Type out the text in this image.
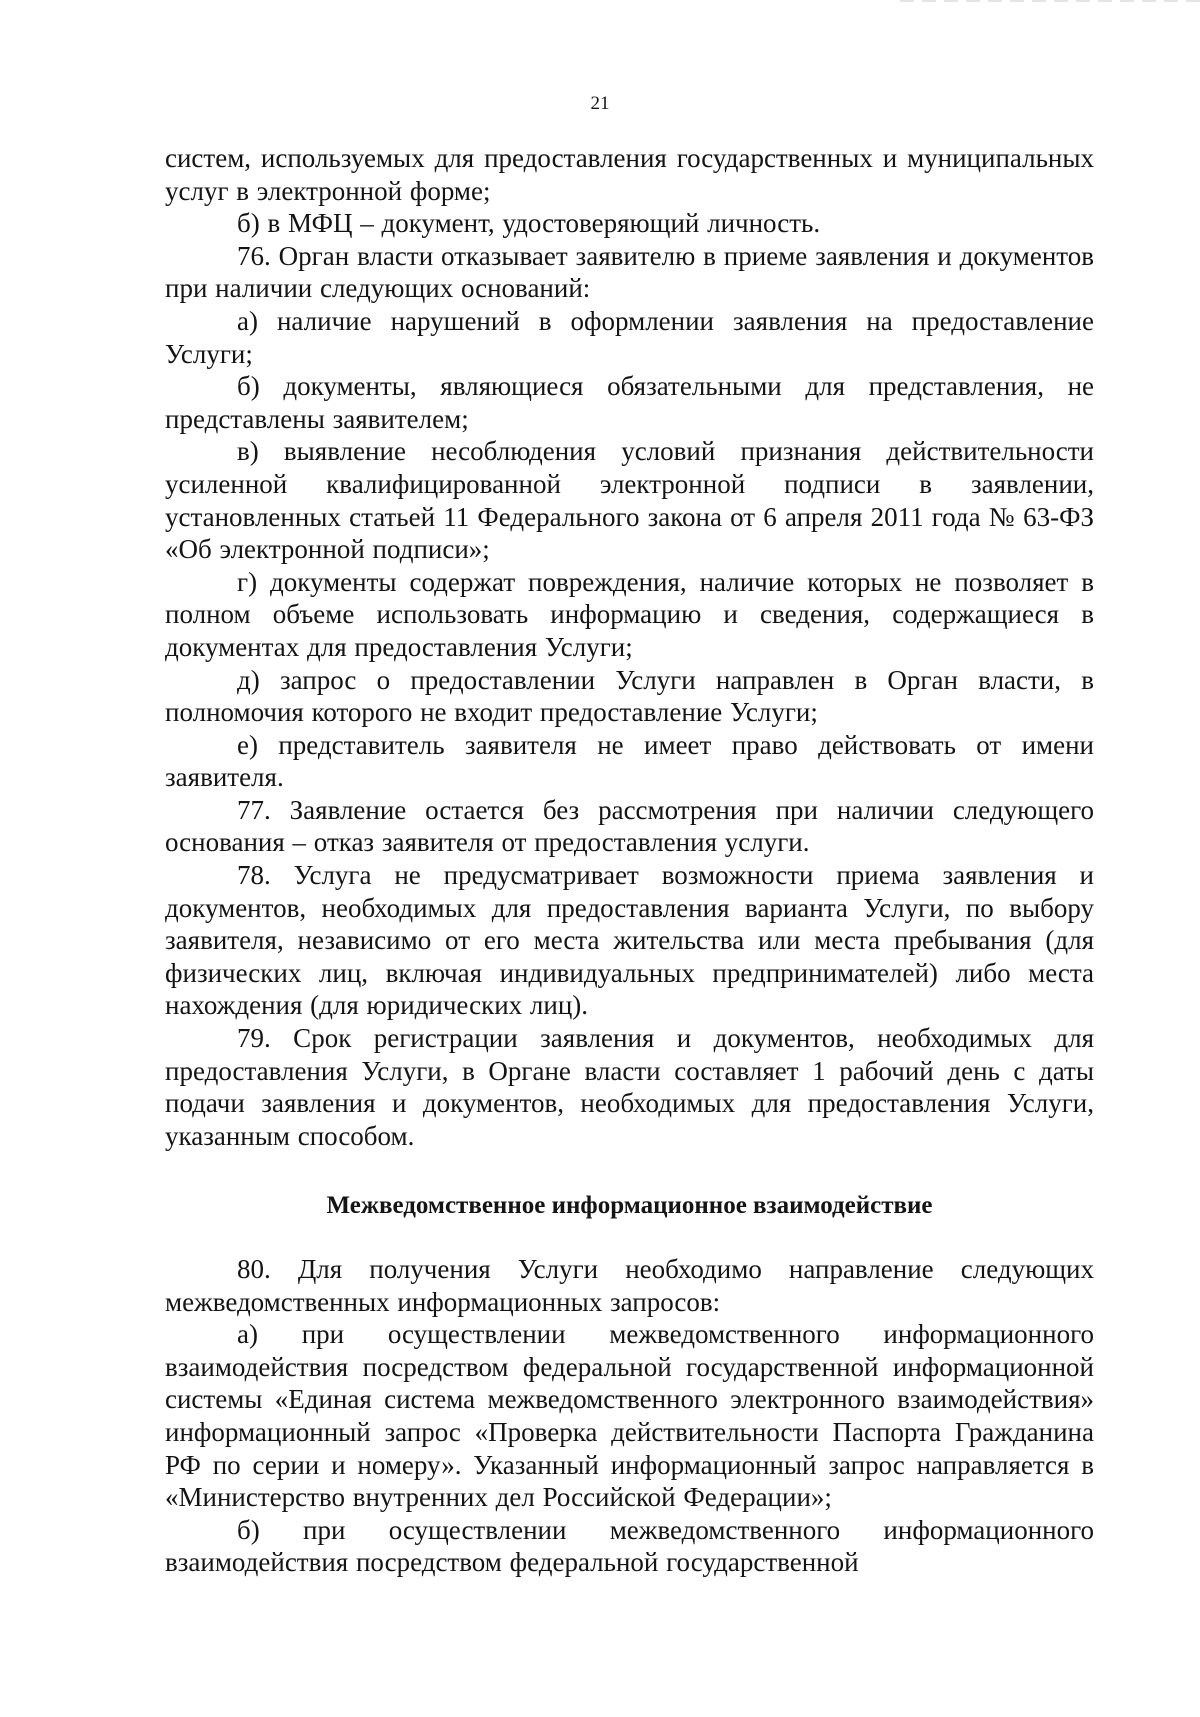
21

систем, используемых для предоставления государственных и муниципальных услуг в электронной форме;

б) в МФЦ – документ, удостоверяющий личность.

76. Орган власти отказывает заявителю в приеме заявления и документов при наличии следующих оснований:

а) наличие нарушений в оформлении заявления на предоставление Услуги;

б) документы, являющиеся обязательными для представления, не представлены заявителем;

в) выявление несоблюдения условий признания действительности усиленной квалифицированной электронной подписи в заявлении, установленных статьей 11 Федерального закона от 6 апреля 2011 года № 63-ФЗ «Об электронной подписи»;

г) документы содержат повреждения, наличие которых не позволяет в полном объеме использовать информацию и сведения, содержащиеся в документах для предоставления Услуги;

д) запрос о предоставлении Услуги направлен в Орган власти, в полномочия которого не входит предоставление Услуги;

е) представитель заявителя не имеет право действовать от имени заявителя.

77. Заявление остается без рассмотрения при наличии следующего основания – отказ заявителя от предоставления услуги.

78. Услуга не предусматривает возможности приема заявления и документов, необходимых для предоставления варианта Услуги, по выбору заявителя, независимо от его места жительства или места пребывания (для физических лиц, включая индивидуальных предпринимателей) либо места нахождения (для юридических лиц).

79. Срок регистрации заявления и документов, необходимых для предоставления Услуги, в Органе власти составляет 1 рабочий день с даты подачи заявления и документов, необходимых для предоставления Услуги, указанным способом.

Межведомственное информационное взаимодействие

80. Для получения Услуги необходимо направление следующих межведомственных информационных запросов:

а) при осуществлении межведомственного информационного взаимодействия посредством федеральной государственной информационной системы «Единая система межведомственного электронного взаимодействия» информационный запрос «Проверка действительности Паспорта Гражданина РФ по серии и номеру». Указанный информационный запрос направляется в «Министерство внутренних дел Российской Федерации»;

б) при осуществлении межведомственного информационного взаимодействия посредством федеральной государственной
